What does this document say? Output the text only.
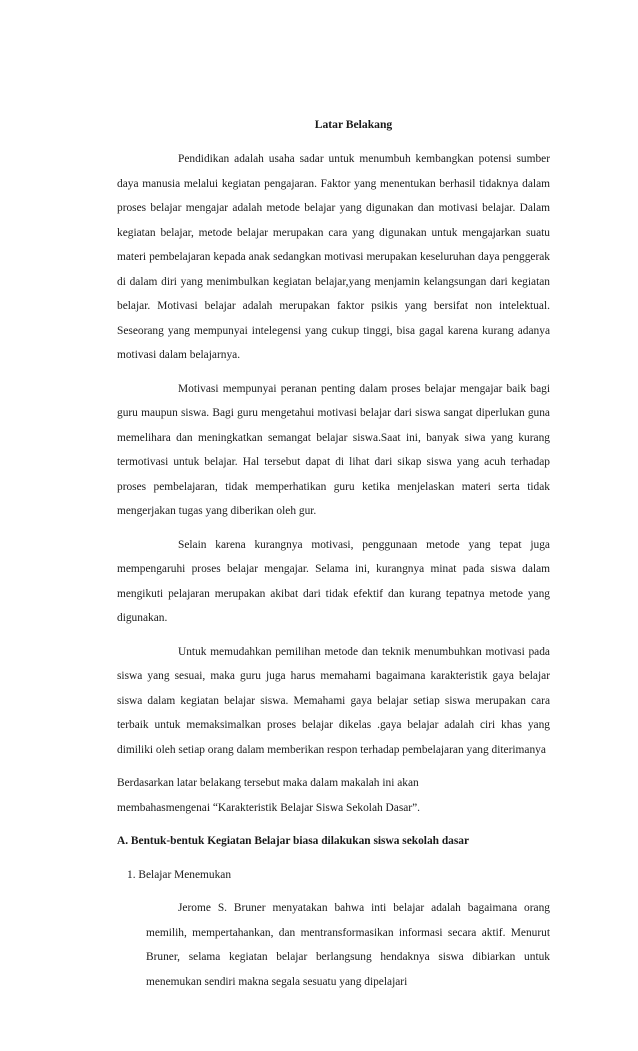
Latar Belakang

Pendidikan adalah usaha sadar untuk menumbuh kembangkan potensi sumber daya manusia melalui kegiatan pengajaran. Faktor yang menentukan berhasil tidaknya dalam proses belajar mengajar adalah metode belajar yang digunakan dan motivasi belajar. Dalam kegiatan belajar, metode belajar merupakan cara yang digunakan untuk mengajarkan suatu materi pembelajaran kepada anak sedangkan motivasi merupakan keseluruhan daya penggerak di dalam diri yang menimbulkan kegiatan belajar,yang menjamin kelangsungan dari kegiatan belajar. Motivasi belajar adalah merupakan faktor psikis yang bersifat non intelektual. Seseorang yang mempunyai intelegensi yang cukup tinggi, bisa gagal karena kurang adanya motivasi dalam belajarnya.

Motivasi mempunyai peranan penting dalam proses belajar mengajar baik bagi guru maupun siswa. Bagi guru mengetahui motivasi belajar dari siswa sangat diperlukan guna memelihara dan meningkatkan semangat belajar siswa.Saat ini, banyak siwa yang kurang termotivasi untuk belajar. Hal tersebut dapat di lihat dari sikap siswa yang acuh terhadap proses pembelajaran, tidak memperhatikan guru ketika menjelaskan materi serta tidak mengerjakan tugas yang diberikan oleh gur.

Selain karena kurangnya motivasi, penggunaan metode yang tepat juga mempengaruhi proses belajar mengajar. Selama ini, kurangnya minat pada siswa dalam mengikuti pelajaran merupakan akibat dari tidak efektif dan kurang tepatnya metode yang digunakan.

Untuk memudahkan pemilihan metode dan teknik menumbuhkan motivasi pada siswa yang sesuai, maka guru juga harus memahami bagaimana karakteristik gaya belajar siswa dalam kegiatan belajar siswa. Memahami gaya belajar setiap siswa merupakan cara terbaik untuk memaksimalkan proses belajar dikelas .gaya belajar adalah ciri khas yang dimiliki oleh setiap orang dalam memberikan respon terhadap pembelajaran yang diterimanya

Berdasarkan latar belakang tersebut maka dalam makalah ini akan

membahasmengenai “Karakteristik Belajar Siswa Sekolah Dasar”.

A. Bentuk-bentuk Kegiatan Belajar biasa dilakukan siswa sekolah dasar

1. Belajar Menemukan

Jerome S. Bruner menyatakan bahwa inti belajar adalah bagaimana orang memilih, mempertahankan, dan mentransformasikan informasi secara aktif. Menurut Bruner, selama kegiatan belajar berlangsung hendaknya siswa dibiarkan untuk menemukan sendiri makna segala sesuatu yang dipelajari
